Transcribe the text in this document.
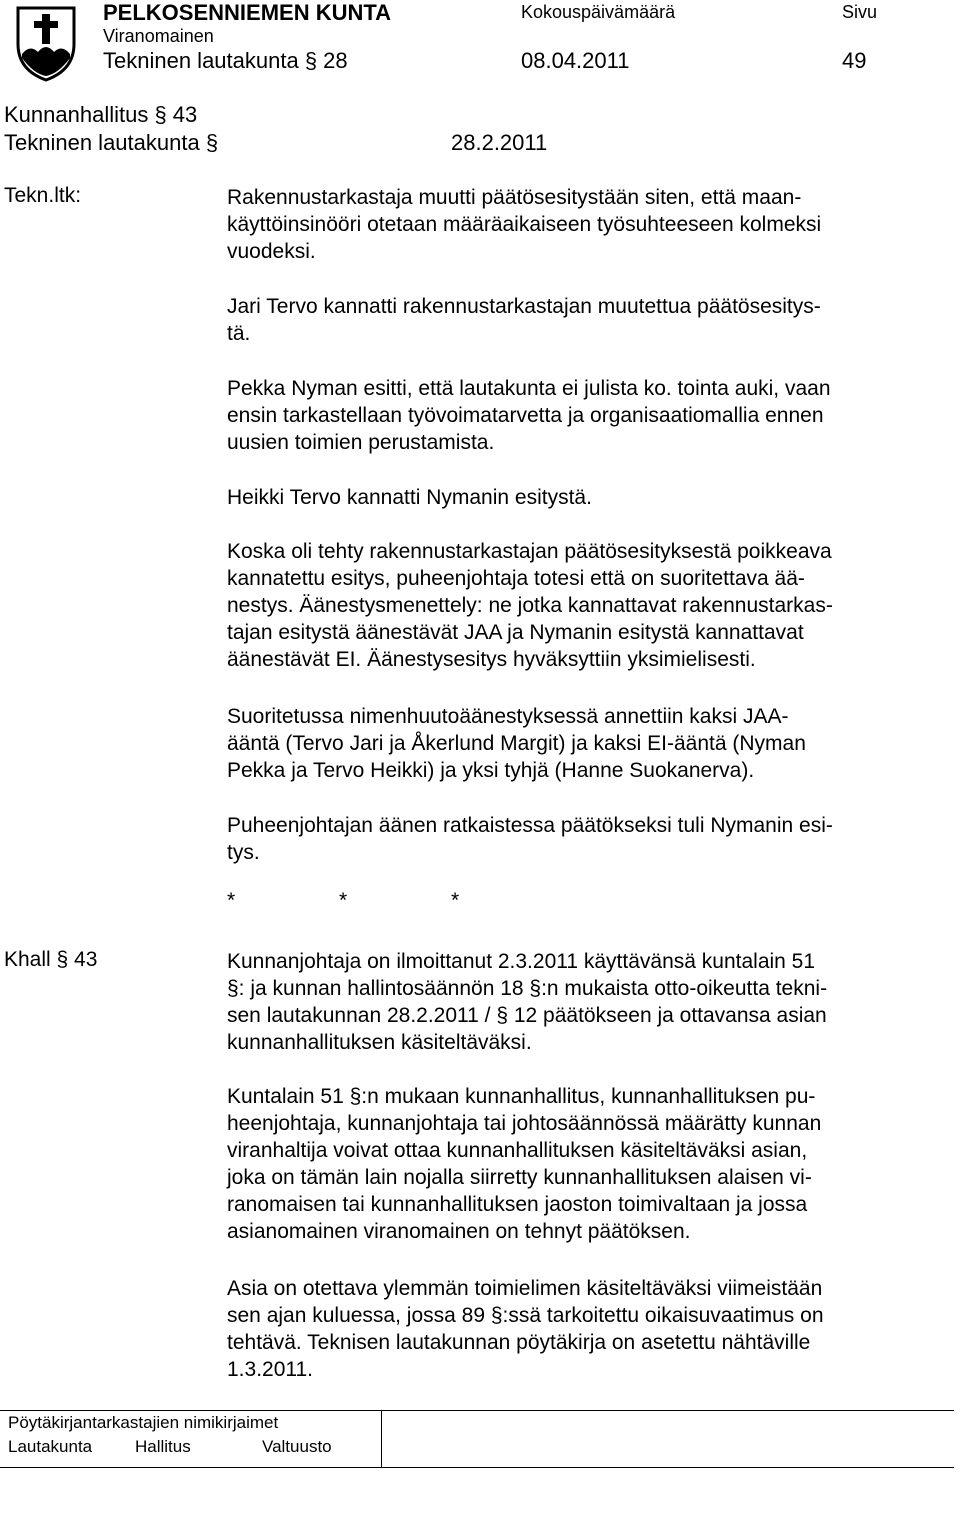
PELKOSENNIEMEN KUNTA	Kokouspäivämäärä	Sivu
Viranomainen
Tekninen lautakunta § 28	08.04.2011	49
Kunnanhallitus § 43
Tekninen lautakunta §	28.2.2011
Tekn.ltk:	Rakennustarkastaja muutti päätösesitystään siten, että maan-
käyttöinsinööri otetaan määräaikaiseen työsuhteeseen kolmeksi
vuodeksi.
Jari Tervo kannatti rakennustarkastajan muutettua päätösesitys-
tä.
Pekka Nyman esitti, että lautakunta ei julista ko. tointa auki, vaan
ensin tarkastellaan työvoimatarvetta ja organisaatiomallia ennen
uusien toimien perustamista.
Heikki Tervo kannatti Nymanin esitystä.
Koska oli tehty rakennustarkastajan päätösesityksestä poikkeava
kannatettu esitys, puheenjohtaja totesi että on suoritettava ää-
nestys. Äänestysmenettely: ne jotka kannattavat rakennustarkas-
tajan esitystä äänestävät JAA ja Nymanin esitystä kannattavat
äänestävät EI. Äänestysesitys hyväksyttiin yksimielisesti.
Suoritetussa nimenhuutoäänestyksessä annettiin kaksi JAA-
ääntä (Tervo Jari ja Åkerlund Margit) ja kaksi EI-ääntä (Nyman
Pekka ja Tervo Heikki) ja yksi tyhjä (Hanne Suokanerva).
Puheenjohtajan äänen ratkaistessa päätökseksi tuli Nymanin esi-
tys.
*	*	*
Khall § 43	Kunnanjohtaja on ilmoittanut 2.3.2011 käyttävänsä kuntalain 51
§: ja kunnan hallintosäännön 18 §:n mukaista otto-oikeutta tekni-
sen lautakunnan 28.2.2011 / § 12 päätökseen ja ottavansa asian
kunnanhallituksen käsiteltäväksi.
Kuntalain 51 §:n mukaan kunnanhallitus, kunnanhallituksen pu-
heenjohtaja, kunnanjohtaja tai johtosäännössä määrätty kunnan
viranhaltija voivat ottaa kunnanhallituksen käsiteltäväksi asian,
joka on tämän lain nojalla siirretty kunnanhallituksen alaisen vi-
ranomaisen tai kunnanhallituksen jaoston toimivaltaan ja jossa
asianomainen viranomainen on tehnyt päätöksen.
Asia on otettava ylemmän toimielimen käsiteltäväksi viimeistään
sen ajan kuluessa, jossa 89 §:ssä tarkoitettu oikaisuvaatimus on
tehtävä. Teknisen lautakunnan pöytäkirja on asetettu nähtäville
1.3.2011.
Pöytäkirjantarkastajien nimikirjaimet
Lautakunta	Hallitus	Valtuusto
